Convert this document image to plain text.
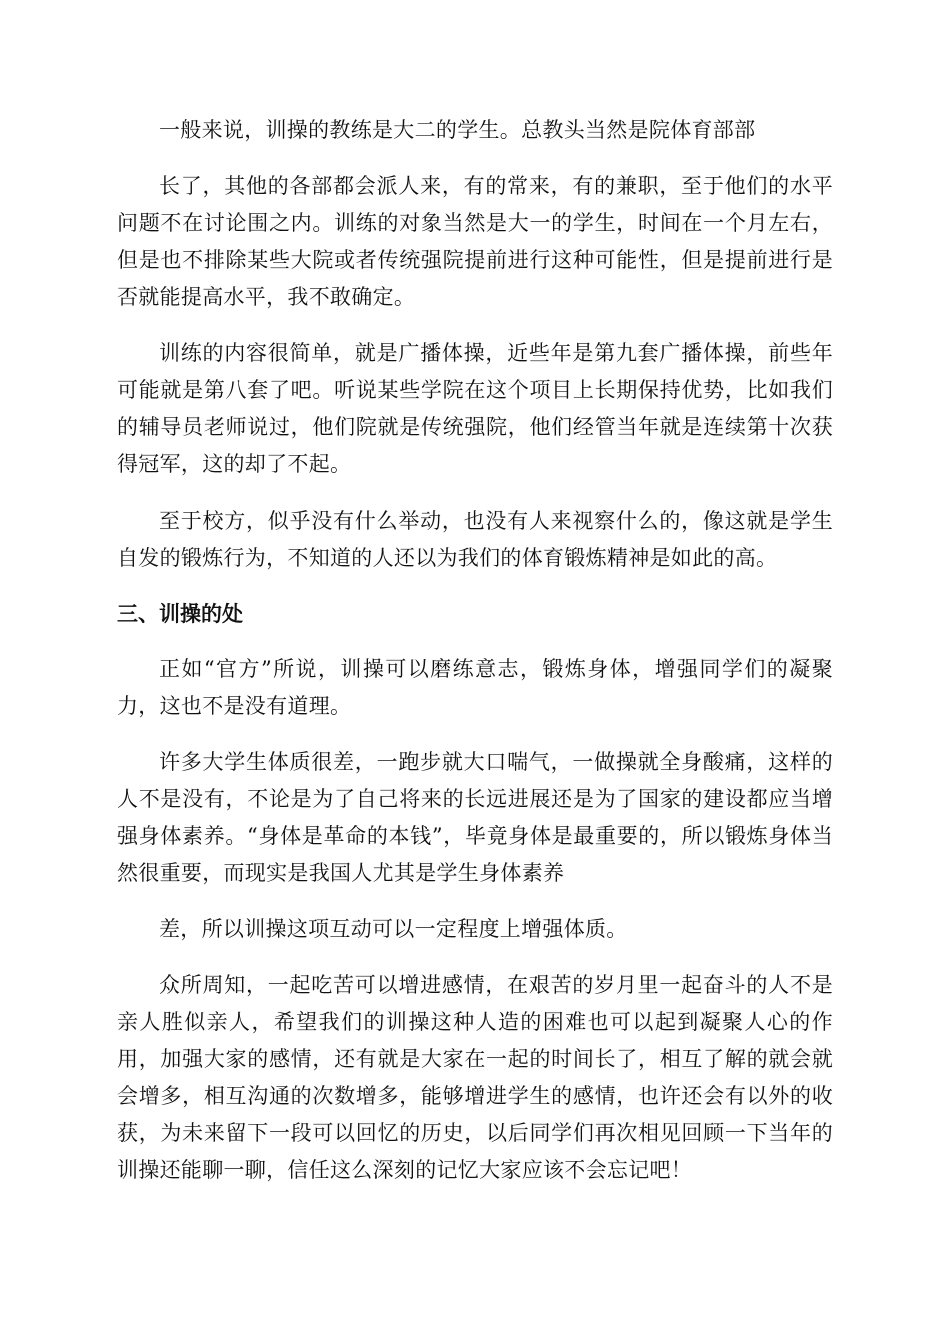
一般来说，训操的教练是大二的学生。总教头当然是院体育部部

长了，其他的各部都会派人来，有的常来，有的兼职，至于他们的水平问题不在讨论围之内。训练的对象当然是大一的学生，时间在一个月左右，但是也不排除某些大院或者传统强院提前进行这种可能性，但是提前进行是否就能提高水平，我不敢确定。

训练的内容很简单，就是广播体操，近些年是第九套广播体操，前些年可能就是第八套了吧。听说某些学院在这个项目上长期保持优势，比如我们的辅导员老师说过，他们院就是传统强院，他们经管当年就是连续第十次获得冠军，这的却了不起。

至于校方，似乎没有什么举动，也没有人来视察什么的，像这就是学生自发的锻炼行为，不知道的人还以为我们的体育锻炼精神是如此的高。

三、训操的处

正如“官方”所说，训操可以磨练意志，锻炼身体，增强同学们的凝聚力，这也不是没有道理。

许多大学生体质很差，一跑步就大口喘气，一做操就全身酸痛，这样的人不是没有，不论是为了自己将来的长远进展还是为了国家的建设都应当增强身体素养。“身体是革命的本钱”，毕竟身体是最重要的，所以锻炼身体当然很重要，而现实是我国人尤其是学生身体素养

差，所以训操这项互动可以一定程度上增强体质。

众所周知，一起吃苦可以增进感情，在艰苦的岁月里一起奋斗的人不是亲人胜似亲人，希望我们的训操这种人造的困难也可以起到凝聚人心的作用，加强大家的感情，还有就是大家在一起的时间长了，相互了解的就会就会增多，相互沟通的次数增多，能够增进学生的感情，也许还会有以外的收获，为未来留下一段可以回忆的历史，以后同学们再次相见回顾一下当年的训操还能聊一聊，信任这么深刻的记忆大家应该不会忘记吧！
